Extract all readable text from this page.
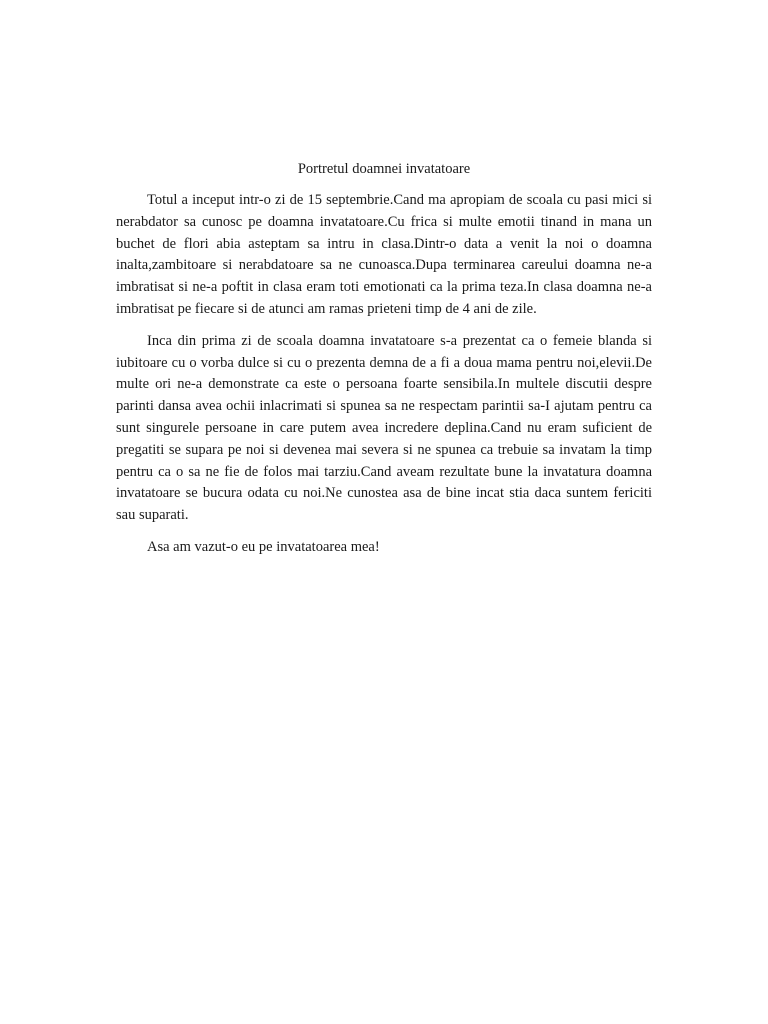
Portretul doamnei invatatoare

Totul a inceput intr-o zi de 15 septembrie.Cand ma apropiam de scoala cu pasi mici si nerabdator sa cunosc pe doamna invatatoare.Cu frica si multe emotii tinand in mana un buchet de flori abia asteptam sa intru in clasa.Dintr-o data a venit la noi o doamna inalta,zambitoare si nerabdatoare sa ne cunoasca.Dupa terminarea careului doamna ne-a imbratisat si ne-a poftit in clasa eram toti emotionati ca la prima teza.In clasa doamna ne-a imbratisat pe fiecare si de atunci am ramas prieteni timp de 4 ani de zile.

Inca din prima zi de scoala doamna invatatoare s-a prezentat ca o femeie blanda si iubitoare cu o vorba dulce si cu o prezenta demna de a fi a doua mama pentru noi,elevii.De multe ori ne-a demonstrate ca este o persoana foarte sensibila.In multele discutii despre parinti dansa avea ochii inlacrimati si spunea sa ne respectam parintii sa-I ajutam pentru ca sunt singurele persoane in care putem avea incredere deplina.Cand nu eram suficient de pregatiti se supara pe noi si devenea mai severa si ne spunea ca trebuie sa invatam la timp pentru ca o sa ne fie de folos mai tarziu.Cand aveam rezultate bune la invatatura doamna invatatoare se bucura odata cu noi.Ne cunostea asa de bine incat stia daca suntem fericiti sau suparati.

Asa am vazut-o eu pe invatatoarea mea!
